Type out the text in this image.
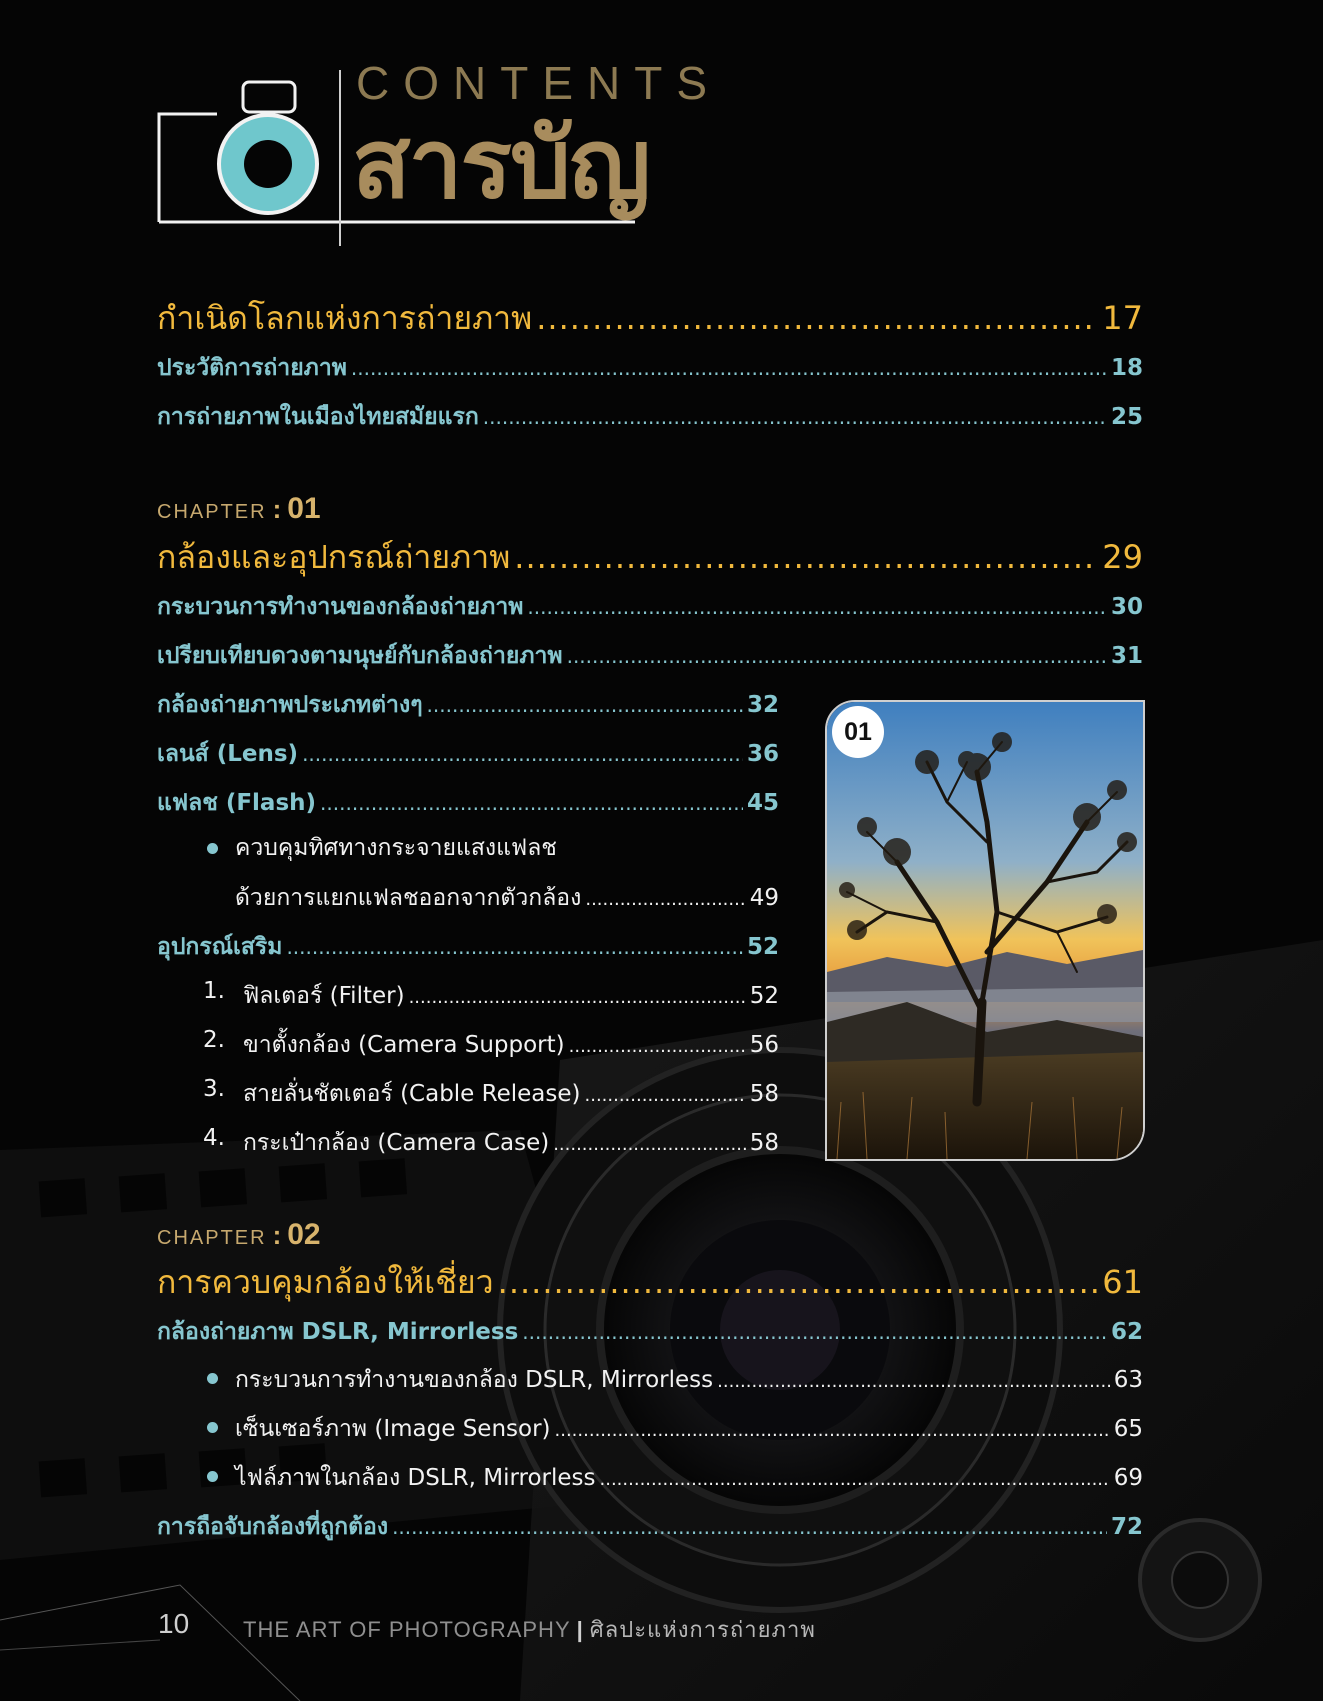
CONTENTS
สารบัญ
กำเนิดโลกแห่งการถ่ายภาพ .....	17
ประวัติการถ่ายภาพ .....	18
การถ่ายภาพในเมืองไทยสมัยแรก .....	25
CHAPTER : 01
กล้องและอุปกรณ์ถ่ายภาพ .....	29
กระบวนการทำงานของกล้องถ่ายภาพ .....	30
เปรียบเทียบดวงตามนุษย์กับกล้องถ่ายภาพ .....	31
กล้องถ่ายภาพประเภทต่างๆ .....	32
เลนส์ (Lens) .....	36
แฟลช (Flash) .....	45
ควบคุมทิศทางกระจายแสงแฟลช
ด้วยการแยกแฟลชออกจากตัวกล้อง .....	49
อุปกรณ์เสริม .....	52
1. ฟิลเตอร์ (Filter) .....	52
2. ขาตั้งกล้อง (Camera Support) .....	56
3. สายลั่นชัตเตอร์ (Cable Release) .....	58
4. กระเป๋ากล้อง (Camera Case) .....	58
01
CHAPTER : 02
การควบคุมกล้องให้เชี่ยว .....	61
กล้องถ่ายภาพ DSLR, Mirrorless .....	62
กระบวนการทำงานของกล้อง DSLR, Mirrorless .....	63
เซ็นเซอร์ภาพ (Image Sensor) .....	65
ไฟล์ภาพในกล้อง DSLR, Mirrorless .....	69
การถือจับกล้องที่ถูกต้อง .....	72
10 THE ART OF PHOTOGRAPHY | ศิลปะแห่งการถ่ายภาพ
